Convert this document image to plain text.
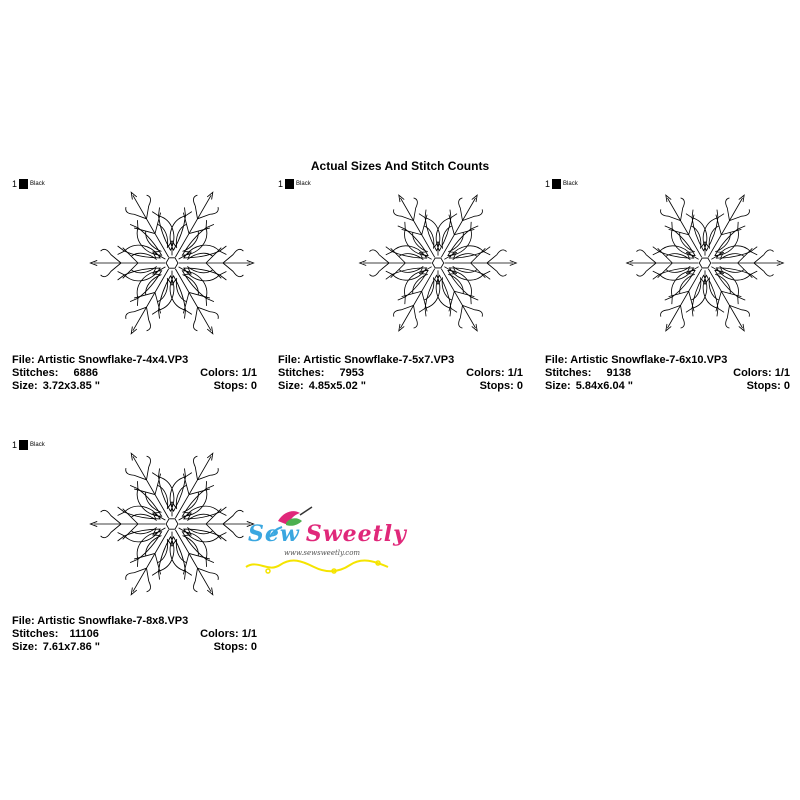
Actual Sizes And Stitch Counts
1 Black
File: Artistic Snowflake-7-4x4.VP3
Stitches: 6886	Colors: 1/1
Size: 3.72x3.85 "	Stops: 0
1 Black
File: Artistic Snowflake-7-5x7.VP3
Stitches: 7953	Colors: 1/1
Size: 4.85x5.02 "	Stops: 0
1 Black
File: Artistic Snowflake-7-6x10.VP3
Stitches: 9138	Colors: 1/1
Size: 5.84x6.04 "	Stops: 0
1 Black
File: Artistic Snowflake-7-8x8.VP3
Stitches: 11106	Colors: 1/1
Size: 7.61x7.86 "	Stops: 0
Sew Sweetly
www.sewsweetly.com
